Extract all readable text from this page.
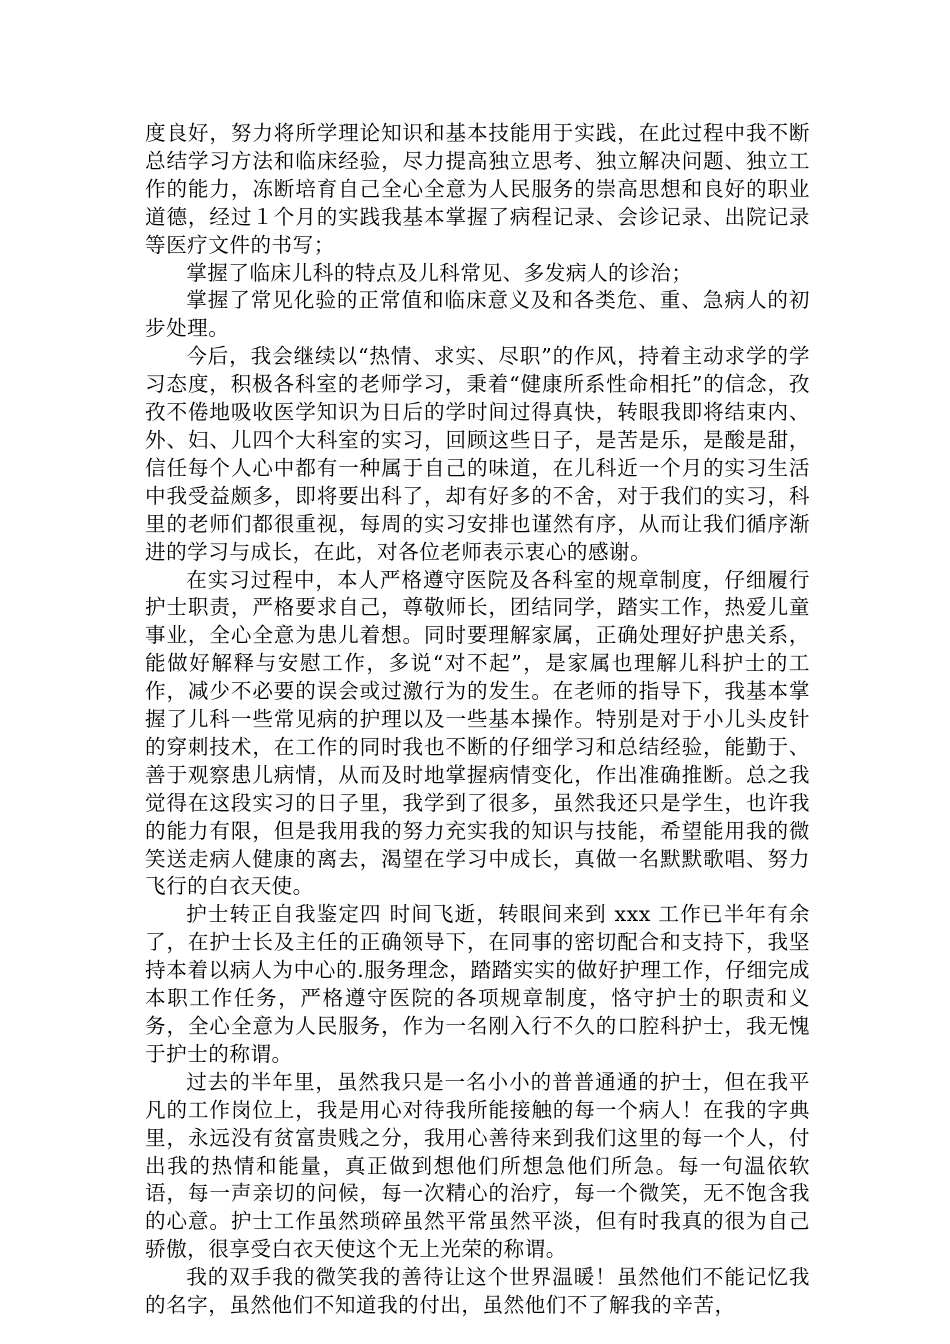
度良好，努力将所学理论知识和基本技能用于实践，在此过程中我不断总结学习方法和临床经验，尽力提高独立思考、独立解决问题、独立工作的能力，冻断培育自己全心全意为人民服务的崇高思想和良好的职业道德，经过１个月的实践我基本掌握了病程记录、会诊记录、出院记录等医疗文件的书写；

掌握了临床儿科的特点及儿科常见、多发病人的诊治；

掌握了常见化验的正常值和临床意义及和各类危、重、急病人的初步处理。

今后，我会继续以“热情、求实、尽职”的作风，持着主动求学的学习态度，积极各科室的老师学习，秉着“健康所系性命相托”的信念，孜孜不倦地吸收医学知识为日后的学时间过得真快，转眼我即将结束内、外、妇、儿四个大科室的实习，回顾这些日子，是苦是乐，是酸是甜，信任每个人心中都有一种属于自己的味道，在儿科近一个月的实习生活中我受益颇多，即将要出科了，却有好多的不舍，对于我们的实习，科里的老师们都很重视，每周的实习安排也谨然有序，从而让我们循序渐进的学习与成长，在此，对各位老师表示衷心的感谢。

在实习过程中，本人严格遵守医院及各科室的规章制度，仔细履行护士职责，严格要求自己，尊敬师长，团结同学，踏实工作，热爱儿童事业，全心全意为患儿着想。同时要理解家属，正确处理好护患关系，能做好解释与安慰工作，多说“对不起”，是家属也理解儿科护士的工作，减少不必要的误会或过激行为的发生。在老师的指导下，我基本掌握了儿科一些常见病的护理以及一些基本操作。特别是对于小儿头皮针的穿刺技术，在工作的同时我也不断的仔细学习和总结经验，能勤于、善于观察患儿病情，从而及时地掌握病情变化，作出准确推断。总之我觉得在这段实习的日子里，我学到了很多，虽然我还只是学生，也许我的能力有限，但是我用我的努力充实我的知识与技能，希望能用我的微笑送走病人健康的离去，渴望在学习中成长，真做一名默默歌唱、努力飞行的白衣天使。

护士转正自我鉴定四 时间飞逝，转眼间来到 xxx 工作已半年有余了，在护士长及主任的正确领导下，在同事的密切配合和支持下，我坚持本着以病人为中心的.服务理念，踏踏实实的做好护理工作，仔细完成本职工作任务，严格遵守医院的各项规章制度，恪守护士的职责和义务，全心全意为人民服务，作为一名刚入行不久的口腔科护士，我无愧于护士的称谓。

过去的半年里，虽然我只是一名小小的普普通通的护士，但在我平凡的工作岗位上，我是用心对待我所能接触的每一个病人！在我的字典里，永远没有贫富贵贱之分，我用心善待来到我们这里的每一个人，付出我的热情和能量，真正做到想他们所想急他们所急。每一句温依软语，每一声亲切的问候，每一次精心的治疗，每一个微笑，无不饱含我的心意。护士工作虽然琐碎虽然平常虽然平淡，但有时我真的很为自己骄傲，很享受白衣天使这个无上光荣的称谓。

我的双手我的微笑我的善待让这个世界温暖！虽然他们不能记忆我的名字，虽然他们不知道我的付出，虽然他们不了解我的辛苦，
